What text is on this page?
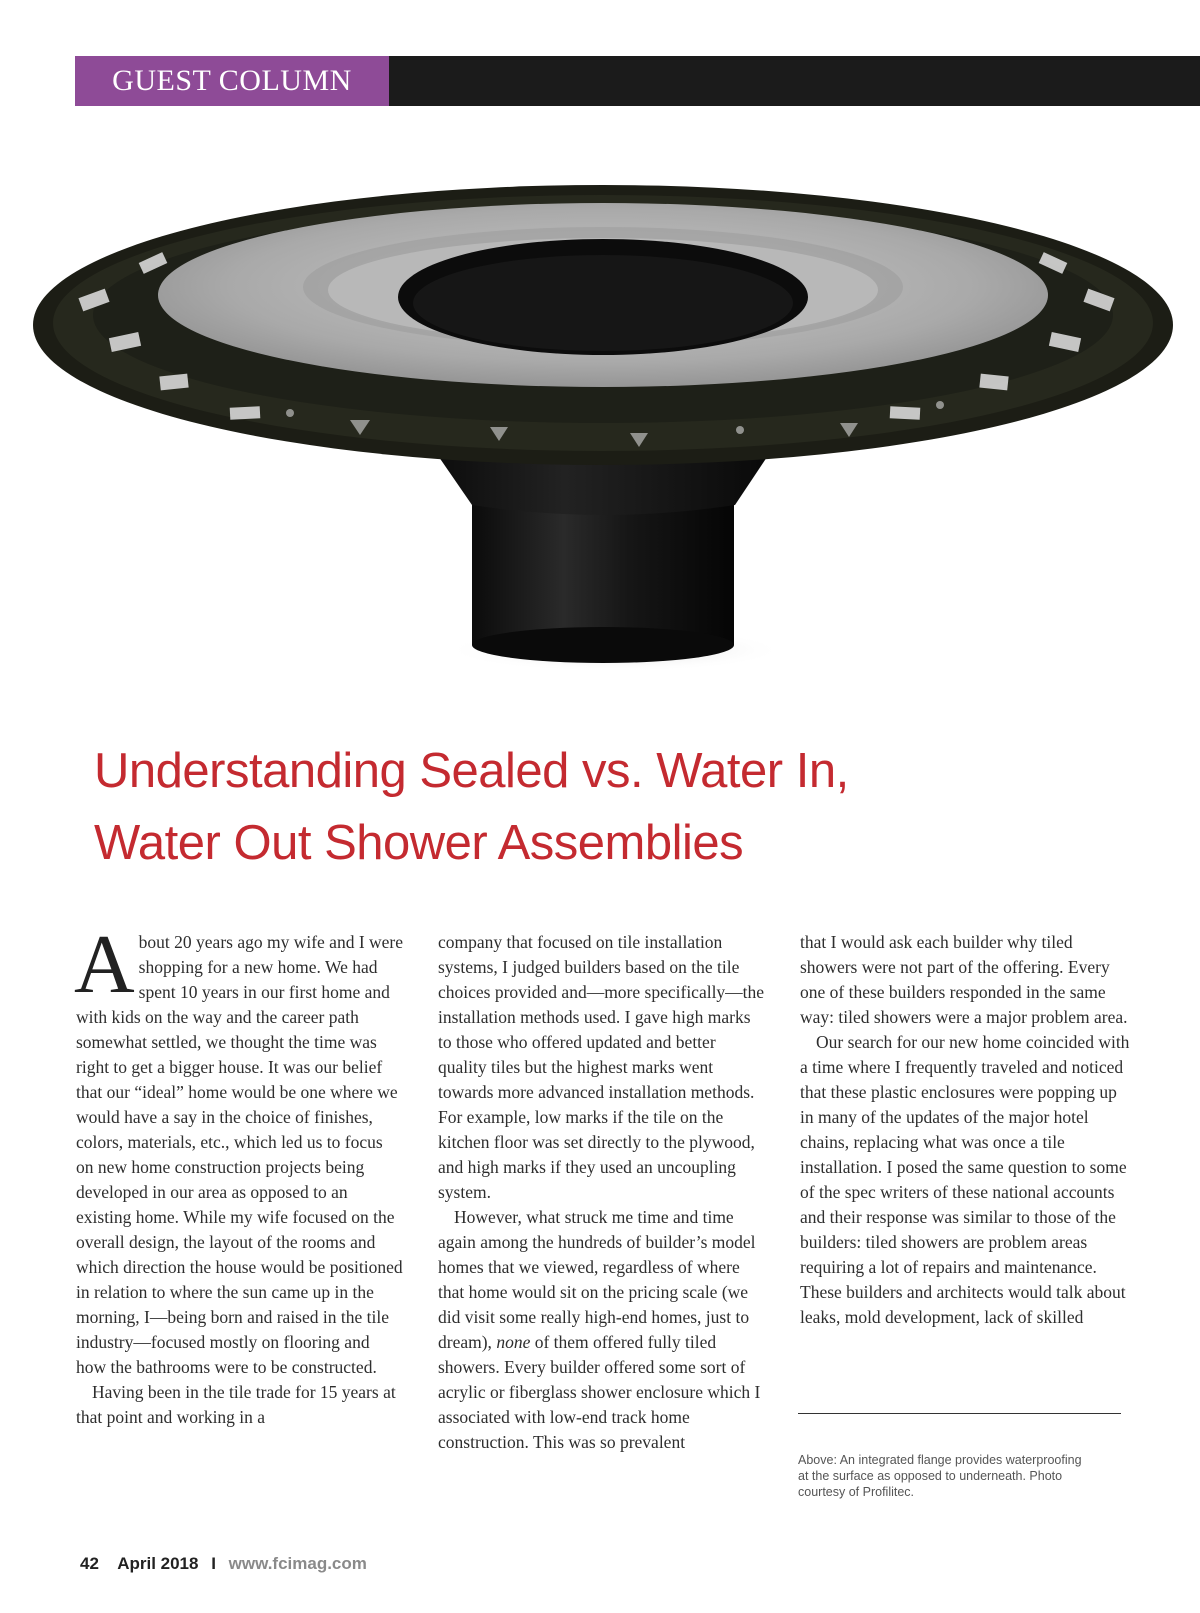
GUEST COLUMN
Understanding Sealed vs. Water In,
Water Out Shower Assemblies

About 20 years ago my wife and I were shopping for a new home. We had spent 10 years in our first home and with kids on the way and the career path somewhat settled, we thought the time was right to get a bigger house. It was our belief that our “ideal” home would be one where we would have a say in the choice of finishes, colors, materials, etc., which led us to focus on new home construction projects being developed in our area as opposed to an existing home. While my wife focused on the overall design, the layout of the rooms and which direction the house would be positioned in relation to where the sun came up in the morning, I—being born and raised in the tile industry—focused mostly on flooring and how the bathrooms were to be constructed.

Having been in the tile trade for 15 years at that point and working in a

company that focused on tile installation systems, I judged builders based on the tile choices provided and—more specifically—the installation methods used. I gave high marks to those who offered updated and better quality tiles but the highest marks went towards more advanced installation methods. For example, low marks if the tile on the kitchen floor was set directly to the plywood, and high marks if they used an uncoupling system.

However, what struck me time and time again among the hundreds of builder’s model homes that we viewed, regardless of where that home would sit on the pricing scale (we did visit some really high-end homes, just to dream), none of them offered fully tiled showers. Every builder offered some sort of acrylic or fiberglass shower enclosure which I associated with low-end track home construction. This was so prevalent

that I would ask each builder why tiled showers were not part of the offering. Every one of these builders responded in the same way: tiled showers were a major problem area.

Our search for our new home coincided with a time where I frequently traveled and noticed that these plastic enclosures were popping up in many of the updates of the major hotel chains, replacing what was once a tile installation. I posed the same question to some of the spec writers of these national accounts and their response was similar to those of the builders: tiled showers are problem areas requiring a lot of repairs and maintenance. These builders and architects would talk about leaks, mold development, lack of skilled

Above: An integrated flange provides waterproofing at the surface as opposed to underneath. Photo courtesy of Profilitec.
42 April 2018 I www.fcimag.com
